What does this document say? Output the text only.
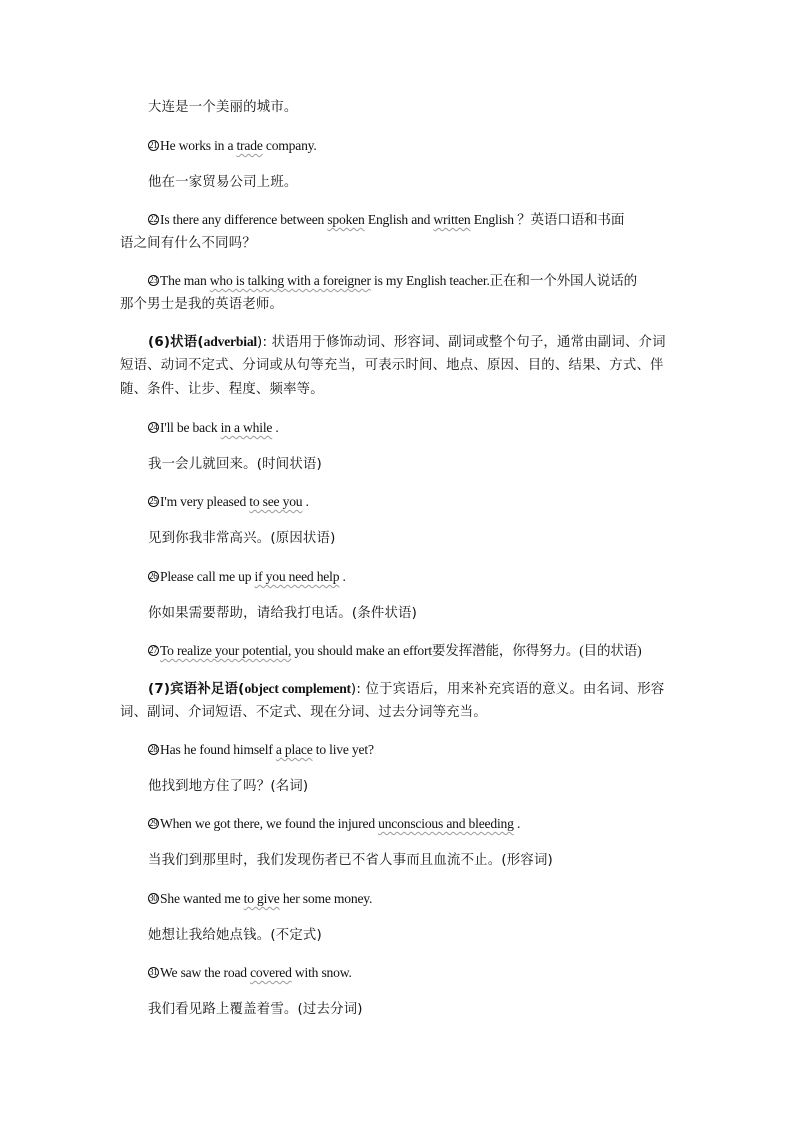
大连是一个美丽的城市。
21 He works in a trade company.
他在一家贸易公司上班。
22 Is there any difference between spoken English and written English ？英语口语和书面
语之间有什么不同吗？
23 The man who is talking with a foreigner is my English teacher.正在和一个外国人说话的
那个男士是我的英语老师。
(6)状语(adverbial): 状语用于修饰动词、形容词、副词或整个句子，通常由副词、介词
短语、动词不定式、分词或从句等充当，可表示时间、地点、原因、目的、结果、方式、伴
随、条件、让步、程度、频率等。
24 I'll be back in a while .
我一会儿就回来。(时间状语)
25 I'm very pleased to see you .
见到你我非常高兴。(原因状语)
26 Please call me up if you need help .
你如果需要帮助，请给我打电话。(条件状语)
27 To realize your potential, you should make an effort要发挥潜能，你得努力。(目的状语)
(7)宾语补足语(object complement): 位于宾语后，用来补充宾语的意义。由名词、形容
词、副词、介词短语、不定式、现在分词、过去分词等充当。
28 Has he found himself a place to live yet?
他找到地方住了吗？(名词)
29 When we got there, we found the injured unconscious and bleeding .
当我们到那里时，我们发现伤者已不省人事而且血流不止。(形容词)
30 She wanted me to give her some money.
她想让我给她点钱。(不定式)
31 We saw the road covered with snow.
我们看见路上覆盖着雪。(过去分词)
